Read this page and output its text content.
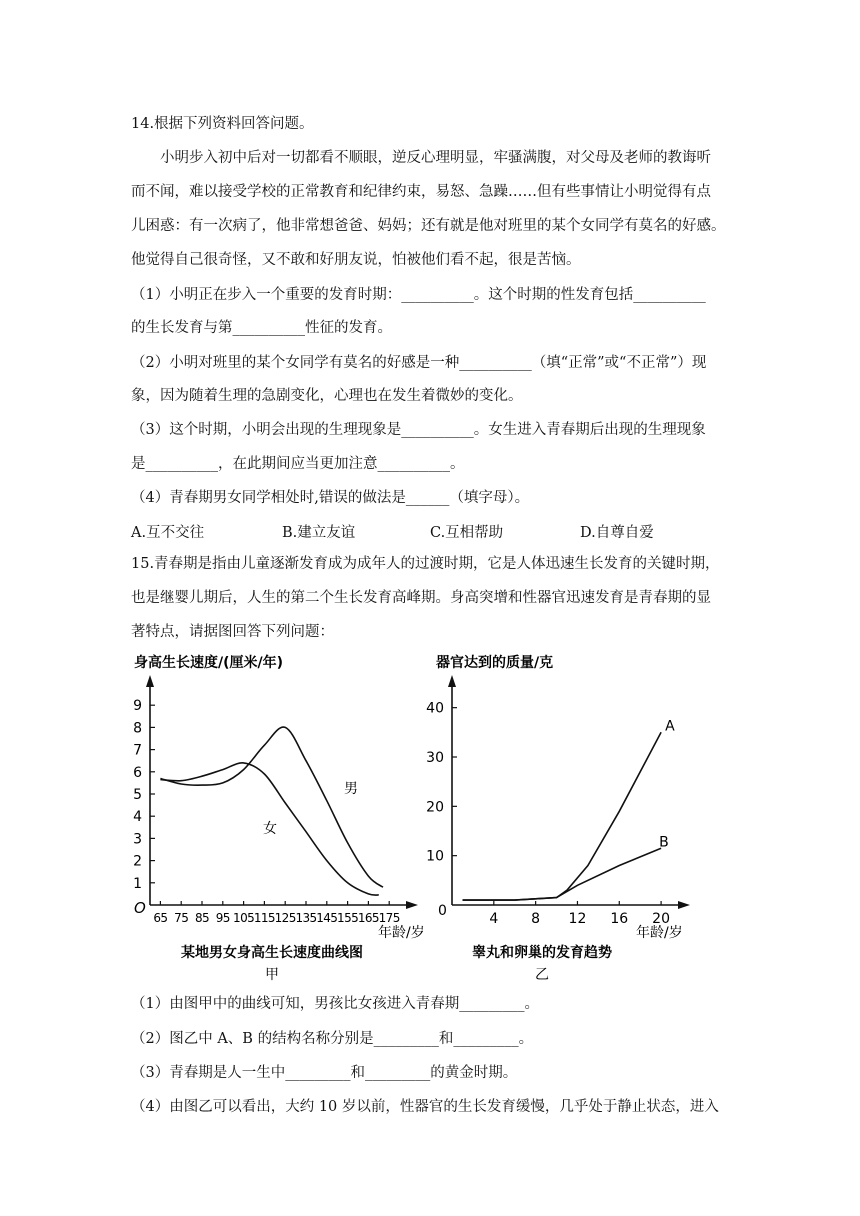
14.根据下列资料回答问题。
小明步入初中后对一切都看不顺眼，逆反心理明显，牢骚满腹，对父母及老师的教诲听
而不闻，难以接受学校的正常教育和纪律约束，易怒、急躁……但有些事情让小明觉得有点
儿困惑：有一次病了，他非常想爸爸、妈妈；还有就是他对班里的某个女同学有莫名的好感。
他觉得自己很奇怪，又不敢和好朋友说，怕被他们看不起，很是苦恼。
（1）小明正在步入一个重要的发育时期：__________。这个时期的性发育包括__________
的生长发育与第__________性征的发育。
（2）小明对班里的某个女同学有莫名的好感是一种__________（填“正常”或“不正常”）现
象，因为随着生理的急剧变化，心理也在发生着微妙的变化。
（3）这个时期，小明会出现的生理现象是__________。女生进入青春期后出现的生理现象
是__________，在此期间应当更加注意__________。
（4）青春期男女同学相处时,错误的做法是______（填字母）。
A.互不交往	B.建立友谊	C.互相帮助	D.自尊自爱
15.青春期是指由儿童逐渐发育成为成年人的过渡时期，它是人体迅速生长发育的关键时期，
也是继婴儿期后，人生的第二个生长发育高峰期。身高突增和性器官迅速发育是青春期的显
著特点，请据图回答下列问题：
身高生长速度/(厘米/年)
O
1
2
3
4
5
6
7
8
9
65 75 85 95 105 115 125 135 145 155 165 175
男
女
年龄/岁
某地男女身高生长速度曲线图
甲
器官达到的质量/克
0
10
20
30
40
4 8 12 16 20
A
B
年龄/岁
睾丸和卵巢的发育趋势
乙
（1）由图甲中的曲线可知，男孩比女孩进入青春期_________。
（2）图乙中 A、B 的结构名称分别是_________和_________。
（3）青春期是人一生中_________和_________的黄金时期。
（4）由图乙可以看出，大约 10 岁以前，性器官的生长发育缓慢，几乎处于静止状态，进入
